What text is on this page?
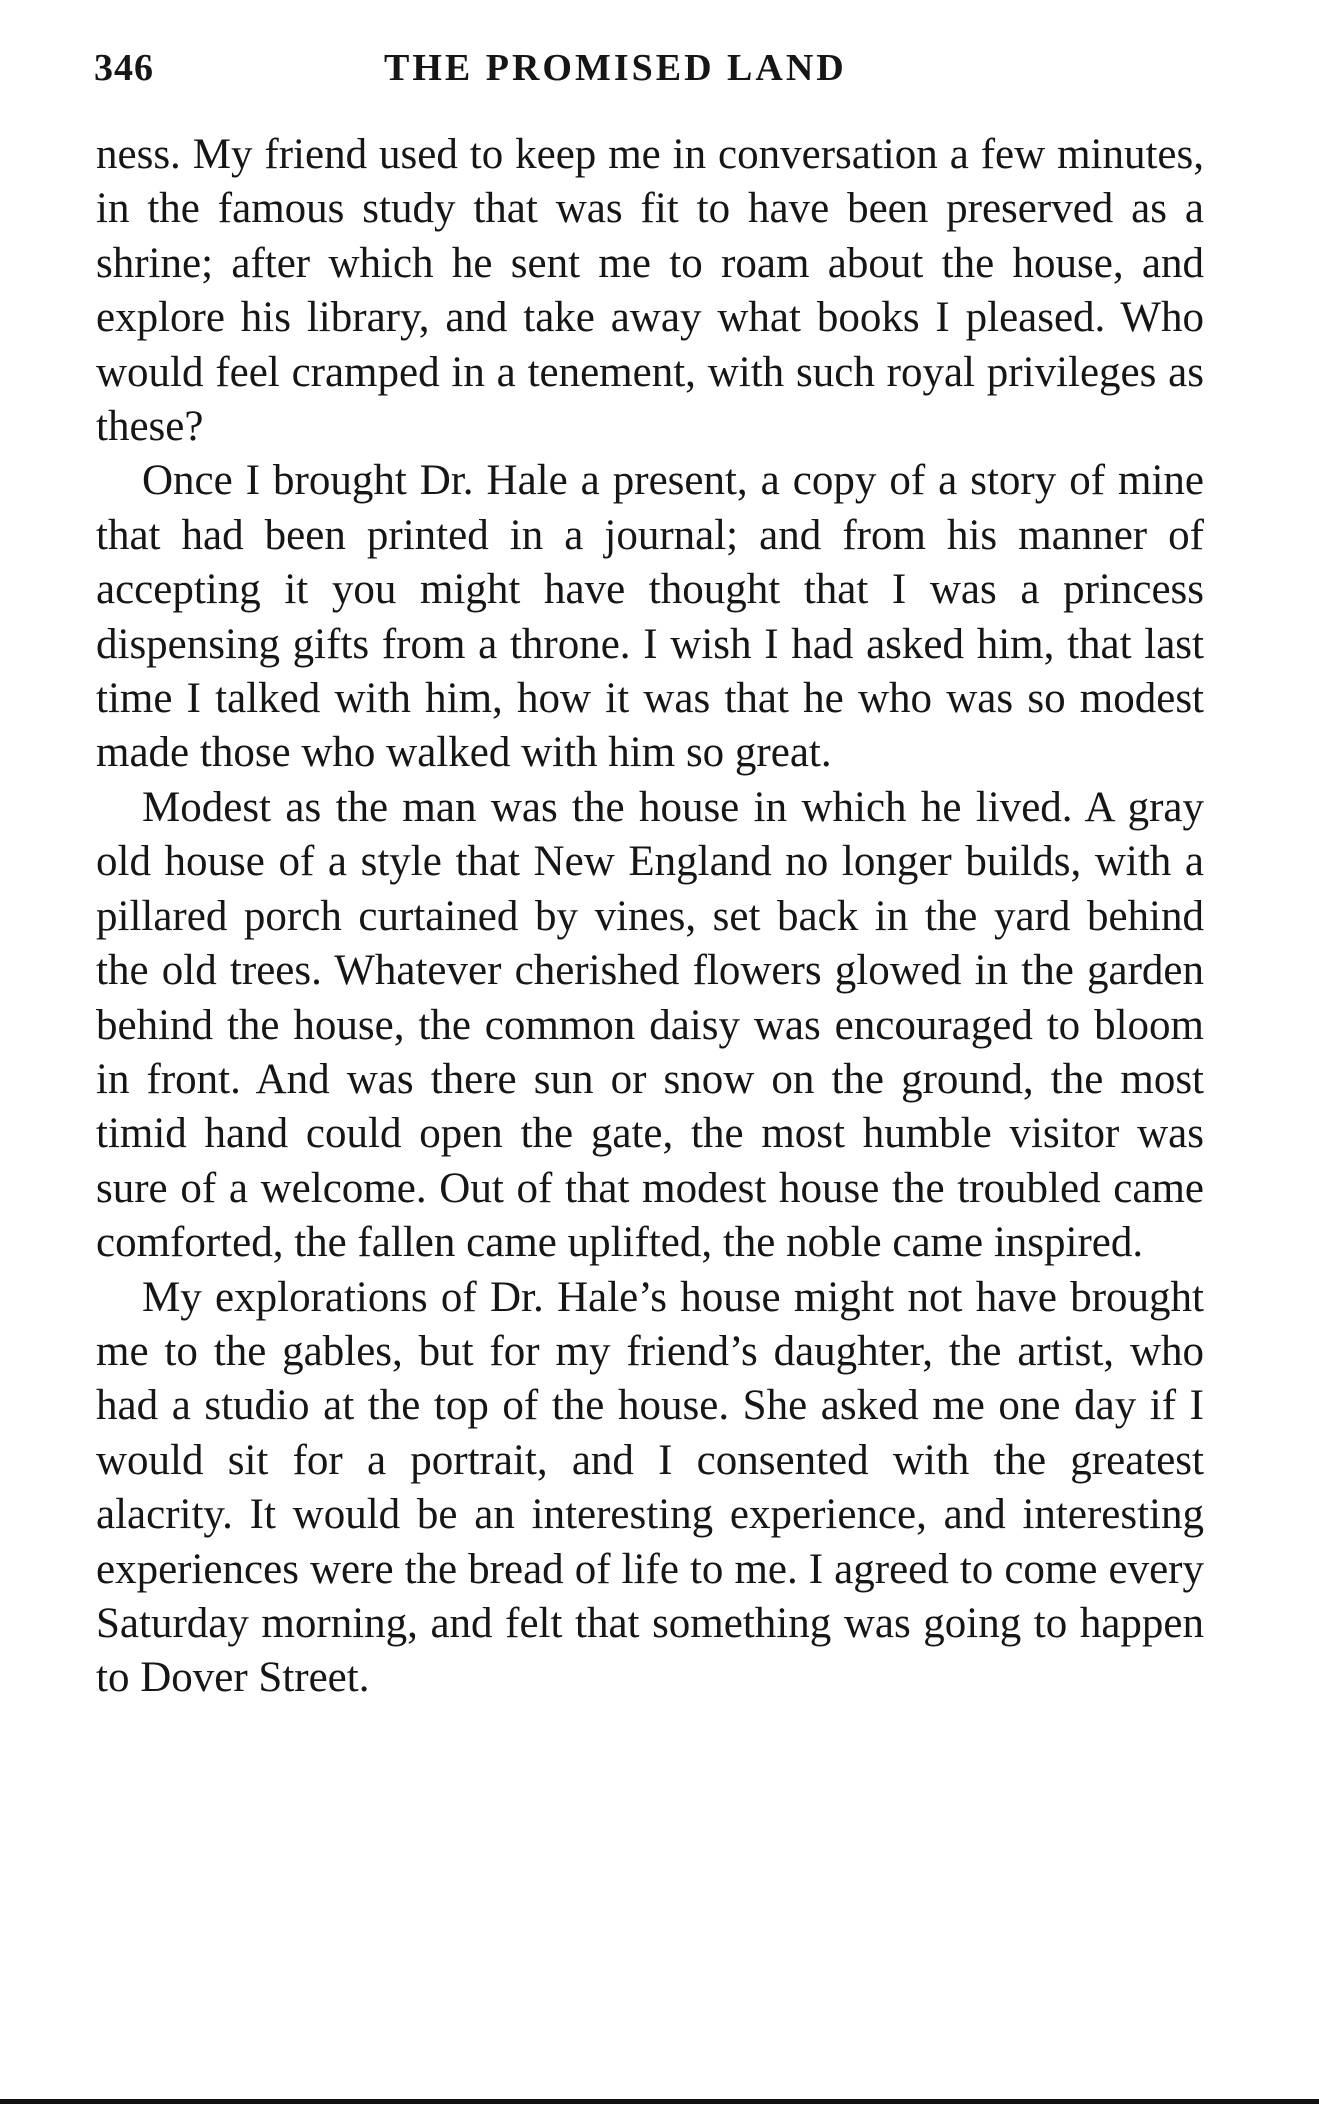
346	THE PROMISED LAND

ness. My friend used to keep me in conversation a few minutes, in the famous study that was fit to have been preserved as a shrine; after which he sent me to roam about the house, and explore his library, and take away what books I pleased. Who would feel cramped in a tenement, with such royal privileges as these?

Once I brought Dr. Hale a present, a copy of a story of mine that had been printed in a journal; and from his manner of accepting it you might have thought that I was a princess dispensing gifts from a throne. I wish I had asked him, that last time I talked with him, how it was that he who was so modest made those who walked with him so great.

Modest as the man was the house in which he lived. A gray old house of a style that New England no longer builds, with a pillared porch curtained by vines, set back in the yard behind the old trees. Whatever cherished flowers glowed in the garden behind the house, the common daisy was encouraged to bloom in front. And was there sun or snow on the ground, the most timid hand could open the gate, the most humble visitor was sure of a welcome. Out of that modest house the troubled came comforted, the fallen came uplifted, the noble came inspired.

My explorations of Dr. Hale’s house might not have brought me to the gables, but for my friend’s daughter, the artist, who had a studio at the top of the house. She asked me one day if I would sit for a portrait, and I consented with the greatest alacrity. It would be an interesting experience, and interesting experiences were the bread of life to me. I agreed to come every Saturday morning, and felt that something was going to happen to Dover Street.
